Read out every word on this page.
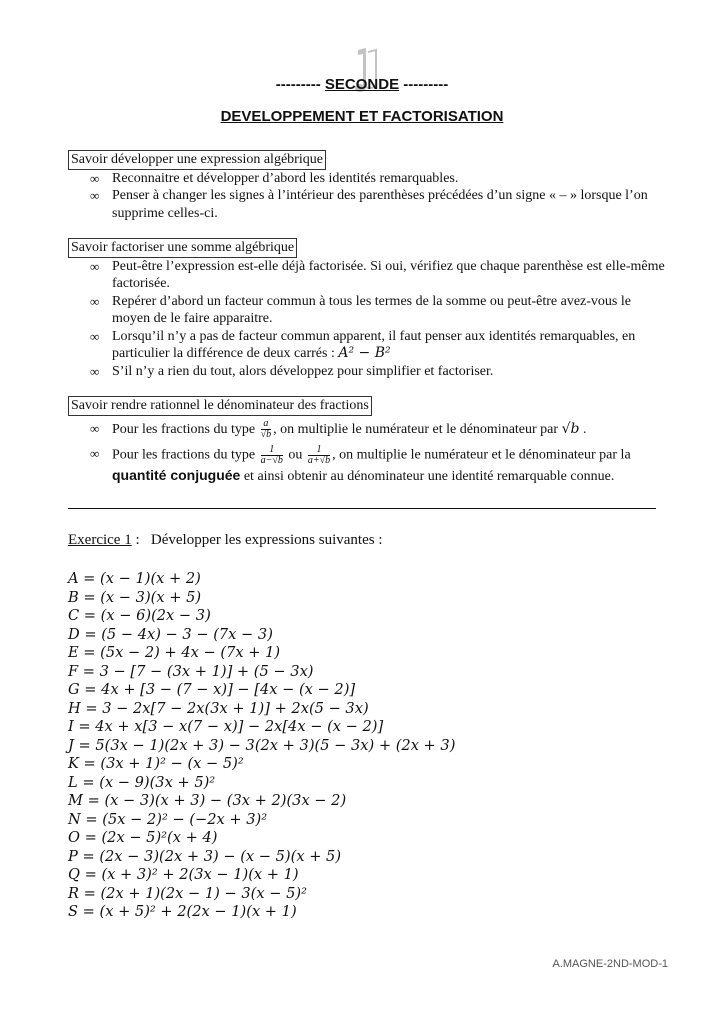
--------- SECONDE ---------
DEVELOPPEMENT ET FACTORISATION
Savoir développer une expression algébrique
∞ Reconnaitre et développer d’abord les identités remarquables.
∞ Penser à changer les signes à l’intérieur des parenthèses précédées d’un signe « – » lorsque l’on supprime celles-ci.
Savoir factoriser une somme algébrique
∞ Peut-être l’expression est-elle déjà factorisée. Si oui, vérifiez que chaque parenthèse est elle-même factorisée.
∞ Repérer d’abord un facteur commun à tous les termes de la somme ou peut-être avez-vous le moyen de le faire apparaitre.
∞ Lorsqu’il n’y a pas de facteur commun apparent, il faut penser aux identités remarquables, en particulier la différence de deux carrés : A² − B²
∞ S’il n’y a rien du tout, alors développez pour simplifier et factoriser.
Savoir rendre rationnel le dénominateur des fractions
∞ Pour les fractions du type $\frac{a}{√b}$ , on multiplie le numérateur et le dénominateur par √b .
∞ Pour les fractions du type $\frac{1}{a-√b}$ ou $\frac{1}{a+√b}$ , on multiplie le numérateur et le dénominateur par la quantité conjuguée et ainsi obtenir au dénominateur une identité remarquable connue.
Exercice 1 : Développer les expressions suivantes :
A = (x − 1)(x + 2)
B = (x − 3)(x + 5)
C = (x − 6)(2x − 3)
D = (5 − 4x) − 3 − (7x − 3)
E = (5x − 2) + 4x − (7x + 1)
F = 3 − [7 − (3x + 1)] + (5 − 3x)
G = 4x + [3 − (7 − x)] − [4x − (x − 2)]
H = 3 − 2x[7 − 2x(3x + 1)] + 2x(5 − 3x)
I = 4x + x[3 − x(7 − x)] − 2x[4x − (x − 2)]
J = 5(3x − 1)(2x + 3) − 3(2x + 3)(5 − 3x) + (2x + 3)
K = (3x + 1)² − (x − 5)²
L = (x − 9)(3x + 5)²
M = (x − 3)(x + 3) − (3x + 2)(3x − 2)
N = (5x − 2)² − (−2x + 3)²
O = (2x − 5)²(x + 4)
P = (2x − 3)(2x + 3) − (x − 5)(x + 5)
Q = (x + 3)² + 2(3x − 1)(x + 1)
R = (2x + 1)(2x − 1) − 3(x − 5)²
S = (x + 5)² + 2(2x − 1)(x + 1)
A.MAGNE-2ND-MOD-1
